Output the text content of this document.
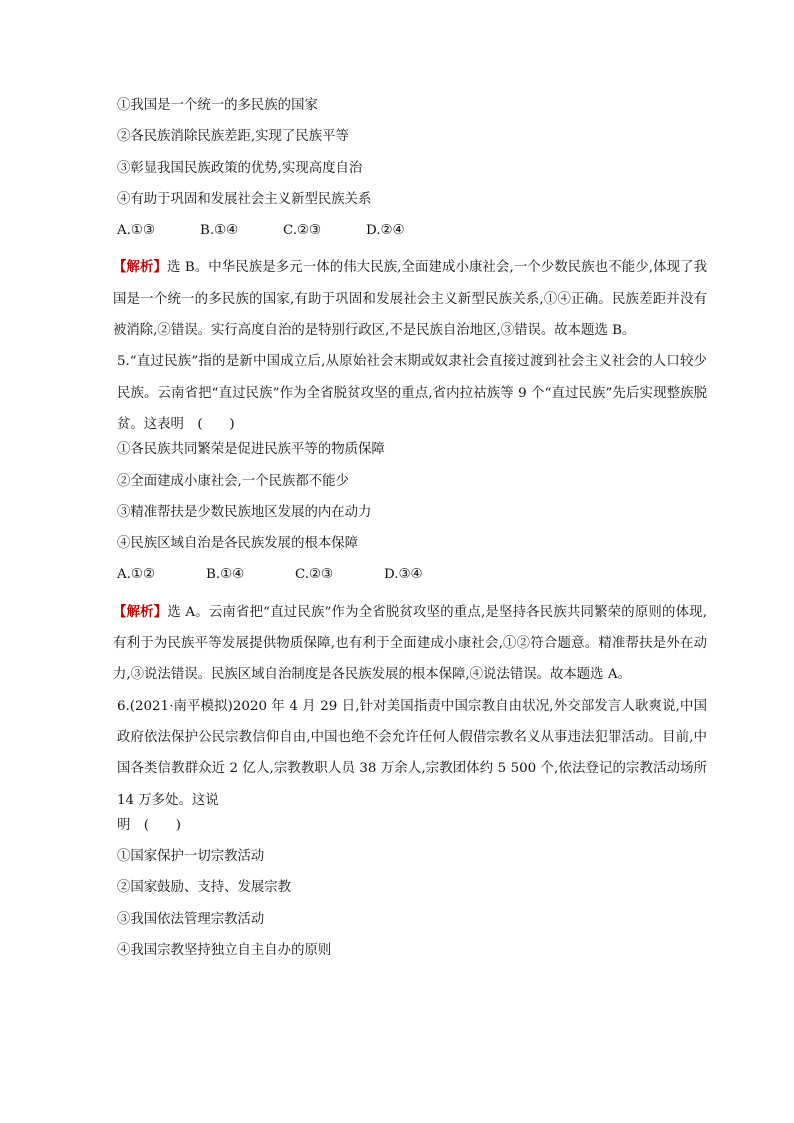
①我国是一个统一的多民族的国家
②各民族消除民族差距,实现了民族平等
③彰显我国民族政策的优势,实现高度自治
④有助于巩固和发展社会主义新型民族关系
A.①③	B.①④	C.②③	D.②④
【解析】选 B。中华民族是多元一体的伟大民族,全面建成小康社会,一个少数民族也不能少,体现了我国是一个统一的多民族的国家,有助于巩固和发展社会主义新型民族关系,①④正确。民族差距并没有被消除,②错误。实行高度自治的是特别行政区,不是民族自治地区,③错误。故本题选 B。
5.“直过民族”指的是新中国成立后,从原始社会末期或奴隶社会直接过渡到社会主义社会的人口较少民族。云南省把“直过民族”作为全省脱贫攻坚的重点,省内拉祜族等 9 个“直过民族”先后实现整族脱贫。这表明　(　　)
①各民族共同繁荣是促进民族平等的物质保障
②全面建成小康社会,一个民族都不能少
③精准帮扶是少数民族地区发展的内在动力
④民族区域自治是各民族发展的根本保障
A.①②	B.①④	C.②③	D.③④
【解析】选 A。云南省把“直过民族”作为全省脱贫攻坚的重点,是坚持各民族共同繁荣的原则的体现,有利于为民族平等发展提供物质保障,也有利于全面建成小康社会,①②符合题意。精准帮扶是外在动力,③说法错误。民族区域自治制度是各民族发展的根本保障,④说法错误。故本题选 A。
6.(2021·南平模拟)2020 年 4 月 29 日,针对美国指责中国宗教自由状况,外交部发言人耿爽说,中国政府依法保护公民宗教信仰自由,中国也绝不会允许任何人假借宗教名义从事违法犯罪活动。目前,中国各类信教群众近 2 亿人,宗教教职人员 38 万余人,宗教团体约 5 500 个,依法登记的宗教活动场所 14 万多处。这说
明　(　　)
①国家保护一切宗教活动
②国家鼓励、支持、发展宗教
③我国依法管理宗教活动
④我国宗教坚持独立自主自办的原则
